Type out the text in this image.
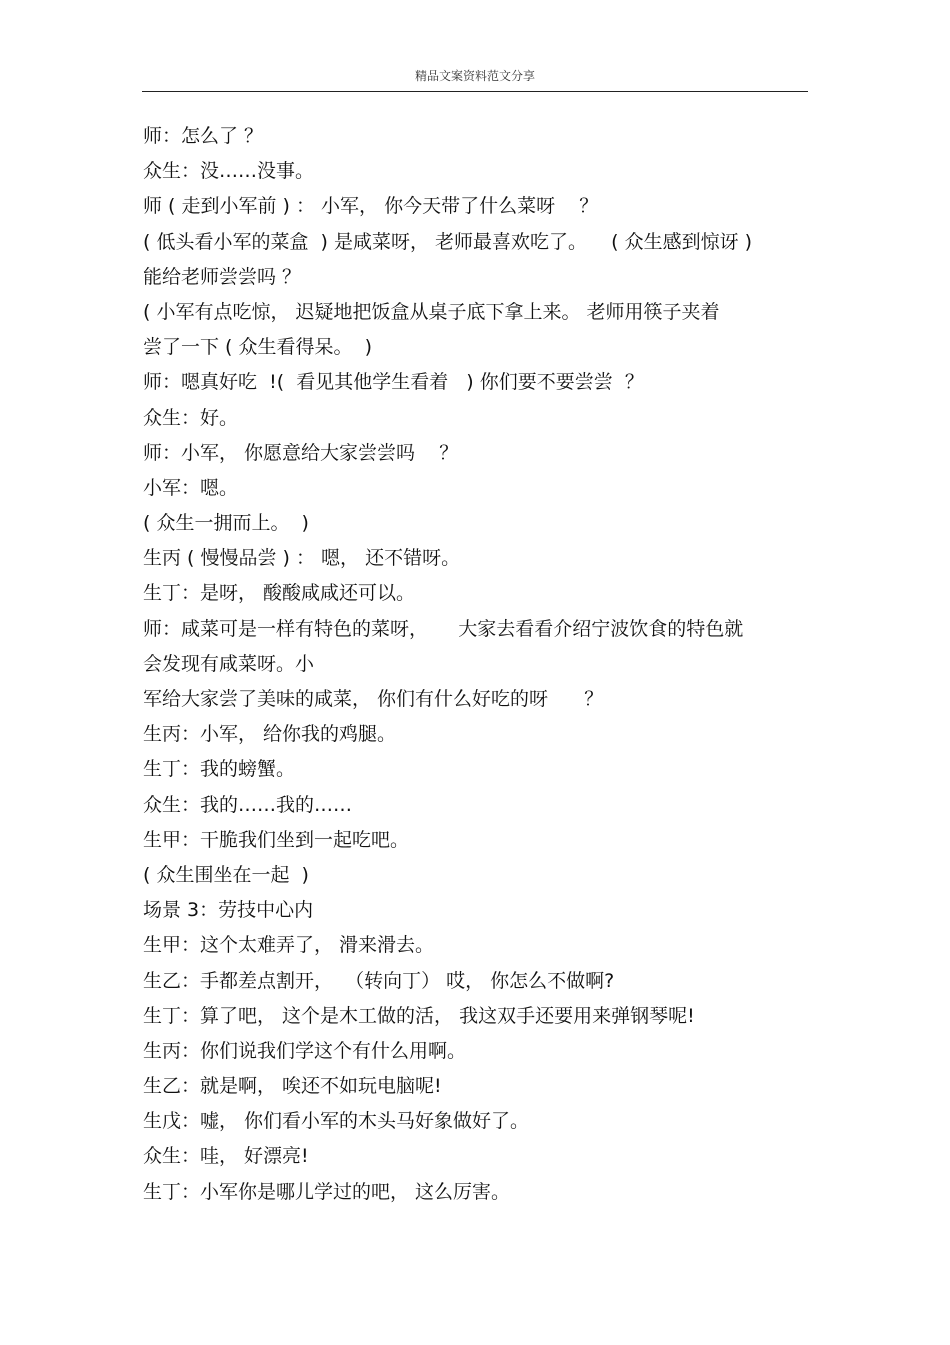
精品文案资料范文分享
师：怎么了 ？
众生：没……没事。
师 ( 走到小军前 ) ： 小军， 你今天带了什么菜呀    ？
( 低头看小军的菜盒  ) 是咸菜呀， 老师最喜欢吃了。    ( 众生感到惊讶 )
能给老师尝尝吗 ？
( 小军有点吃惊， 迟疑地把饭盒从桌子底下拿上来。 老师用筷子夹着
尝了一下 ( 众生看得呆。  )
师：嗯真好吃  !(  看见其他学生看着   ) 你们要不要尝尝  ？
众生：好。
师：小军， 你愿意给大家尝尝吗    ？
小军：嗯。
( 众生一拥而上。  )
生丙 ( 慢慢品尝 ) ： 嗯， 还不错呀。
生丁：是呀， 酸酸咸咸还可以。
师：咸菜可是一样有特色的菜呀，     大家去看看介绍宁波饮食的特色就
会发现有咸菜呀。小
军给大家尝了美味的咸菜， 你们有什么好吃的呀      ？
生丙：小军， 给你我的鸡腿。
生丁：我的螃蟹。
众生：我的……我的……
生甲：干脆我们坐到一起吃吧。
( 众生围坐在一起  )
场景 3：劳技中心内
生甲：这个太难弄了， 滑来滑去。
生乙：手都差点割开，  （转向丁） 哎， 你怎么不做啊?
生丁：算了吧， 这个是木工做的活， 我这双手还要用来弹钢琴呢!
生丙：你们说我们学这个有什么用啊。
生乙：就是啊， 唉还不如玩电脑呢!
生戊：嘘， 你们看小军的木头马好象做好了。
众生：哇， 好漂亮!
生丁：小军你是哪儿学过的吧， 这么厉害。
